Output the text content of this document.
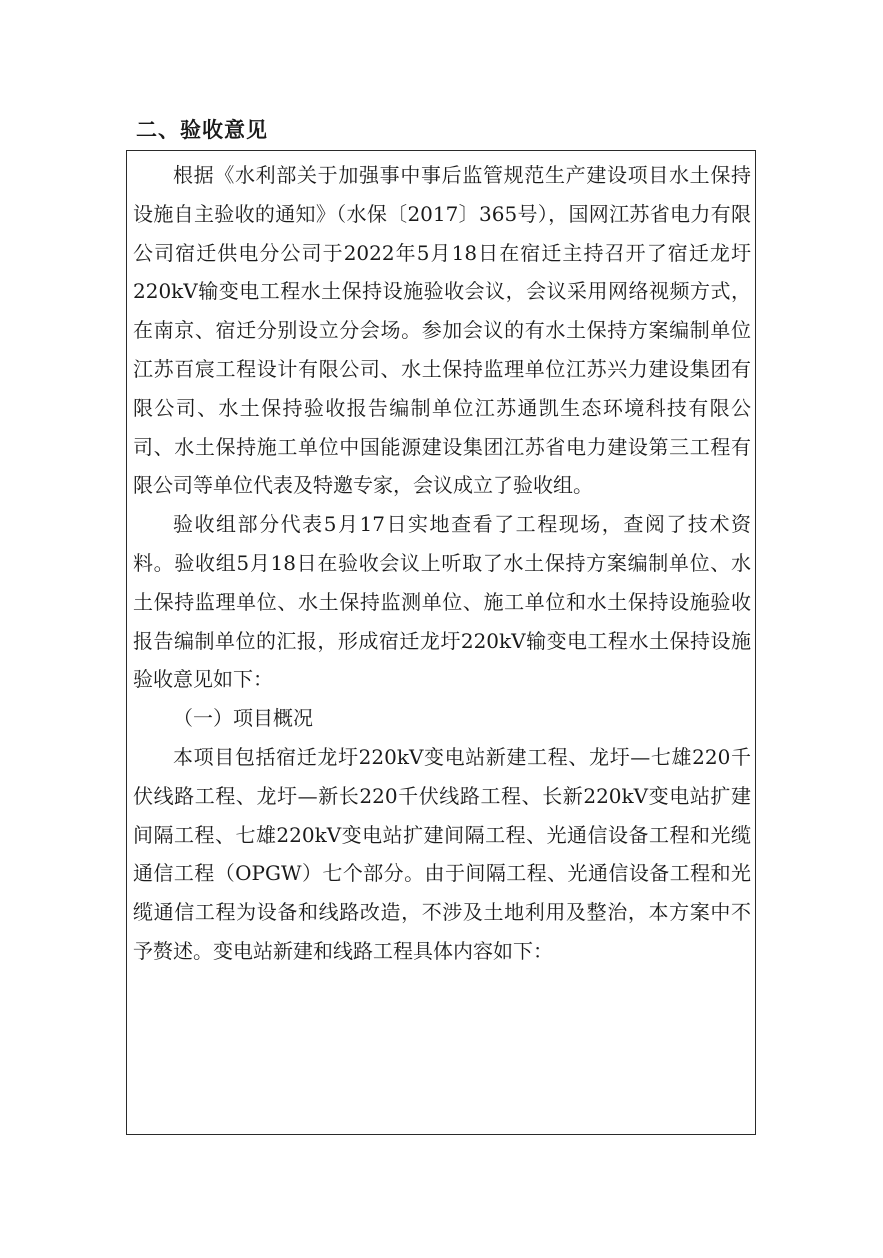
二、验收意见

根据《水利部关于加强事中事后监管规范生产建设项目水土保持设施自主验收的通知》（水保〔2017〕365号），国网江苏省电力有限公司宿迁供电分公司于2022年5月18日在宿迁主持召开了宿迁龙圩220kV输变电工程水土保持设施验收会议，会议采用网络视频方式，在南京、宿迁分别设立分会场。参加会议的有水土保持方案编制单位江苏百宸工程设计有限公司、水土保持监理单位江苏兴力建设集团有限公司、水土保持验收报告编制单位江苏通凯生态环境科技有限公司、水土保持施工单位中国能源建设集团江苏省电力建设第三工程有限公司等单位代表及特邀专家，会议成立了验收组。

验收组部分代表5月17日实地查看了工程现场，查阅了技术资料。验收组5月18日在验收会议上听取了水土保持方案编制单位、水土保持监理单位、水土保持监测单位、施工单位和水土保持设施验收报告编制单位的汇报，形成宿迁龙圩220kV输变电工程水土保持设施验收意见如下：

（一）项目概况

本项目包括宿迁龙圩220kV变电站新建工程、龙圩—七雄220千伏线路工程、龙圩—新长220千伏线路工程、长新220kV变电站扩建间隔工程、七雄220kV变电站扩建间隔工程、光通信设备工程和光缆通信工程（OPGW）七个部分。由于间隔工程、光通信设备工程和光缆通信工程为设备和线路改造，不涉及土地利用及整治，本方案中不予赘述。变电站新建和线路工程具体内容如下：
